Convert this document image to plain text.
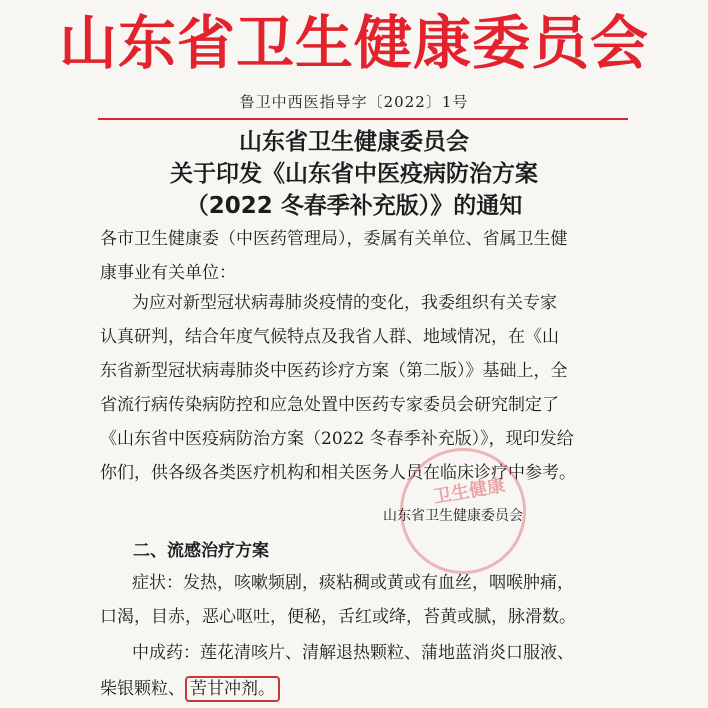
山东省卫生健康委员会
鲁卫中西医指导字〔2022〕1号
山东省卫生健康委员会
关于印发《山东省中医疫病防治方案
（2022 冬春季补充版）》的通知
各市卫生健康委（中医药管理局），委属有关单位、省属卫生健
康事业有关单位：
为应对新型冠状病毒肺炎疫情的变化，我委组织有关专家
认真研判，结合年度气候特点及我省人群、地域情况，在《山
东省新型冠状病毒肺炎中医药诊疗方案（第二版）》基础上，全
省流行病传染病防控和应急处置中医药专家委员会研究制定了
《山东省中医疫病防治方案（2022 冬春季补充版）》，现印发给
你们，供各级各类医疗机构和相关医务人员在临床诊疗中参考。
卫生健康
山东省卫生健康委员会
二、流感治疗方案
症状：发热，咳嗽频剧，痰粘稠或黄或有血丝，咽喉肿痛，
口渴，目赤，恶心呕吐，便秘，舌红或绛，苔黄或腻，脉滑数。
中成药：莲花清咳片、清解退热颗粒、蒲地蓝消炎口服液、
柴银颗粒、 苦甘冲剂。
